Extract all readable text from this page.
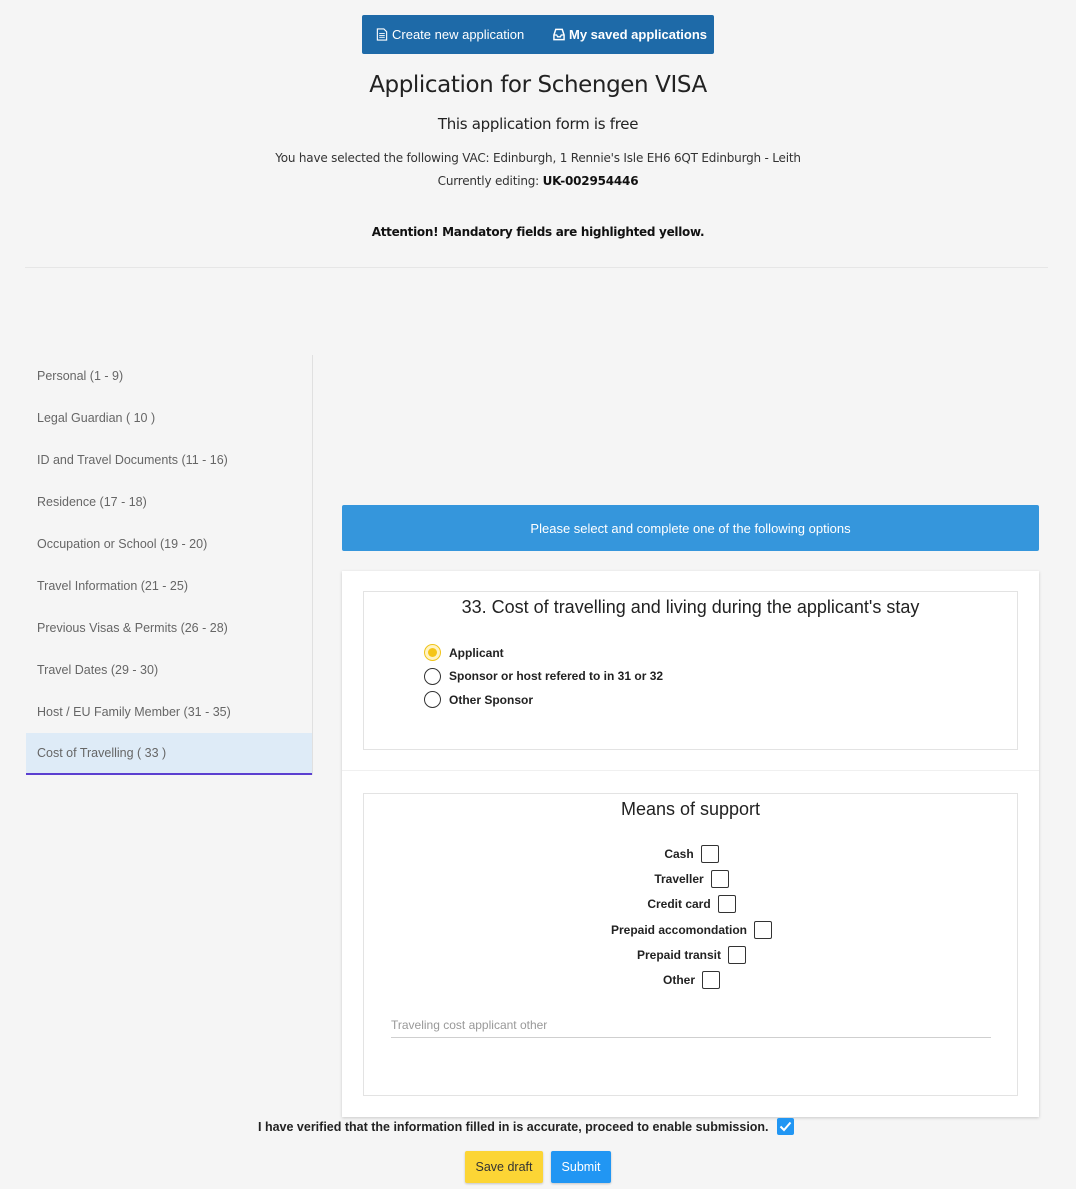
Create new application	My saved applications
Application for Schengen VISA
This application form is free
You have selected the following VAC: Edinburgh, 1 Rennie's Isle EH6 6QT Edinburgh - Leith
Currently editing: UK-002954446
Attention! Mandatory fields are highlighted yellow.
Personal (1 - 9)
Legal Guardian ( 10 )
ID and Travel Documents (11 - 16)
Residence (17 - 18)
Occupation or School (19 - 20)
Travel Information (21 - 25)
Previous Visas & Permits (26 - 28)
Travel Dates (29 - 30)
Host / EU Family Member (31 - 35)
Cost of Travelling ( 33 )
Please select and complete one of the following options
33. Cost of travelling and living during the applicant's stay
Applicant
Sponsor or host refered to in 31 or 32
Other Sponsor
Means of support
Cash
Traveller
Credit card
Prepaid accomondation
Prepaid transit
Other
Traveling cost applicant other
I have verified that the information filled in is accurate, proceed to enable submission.
Save draft	Submit
